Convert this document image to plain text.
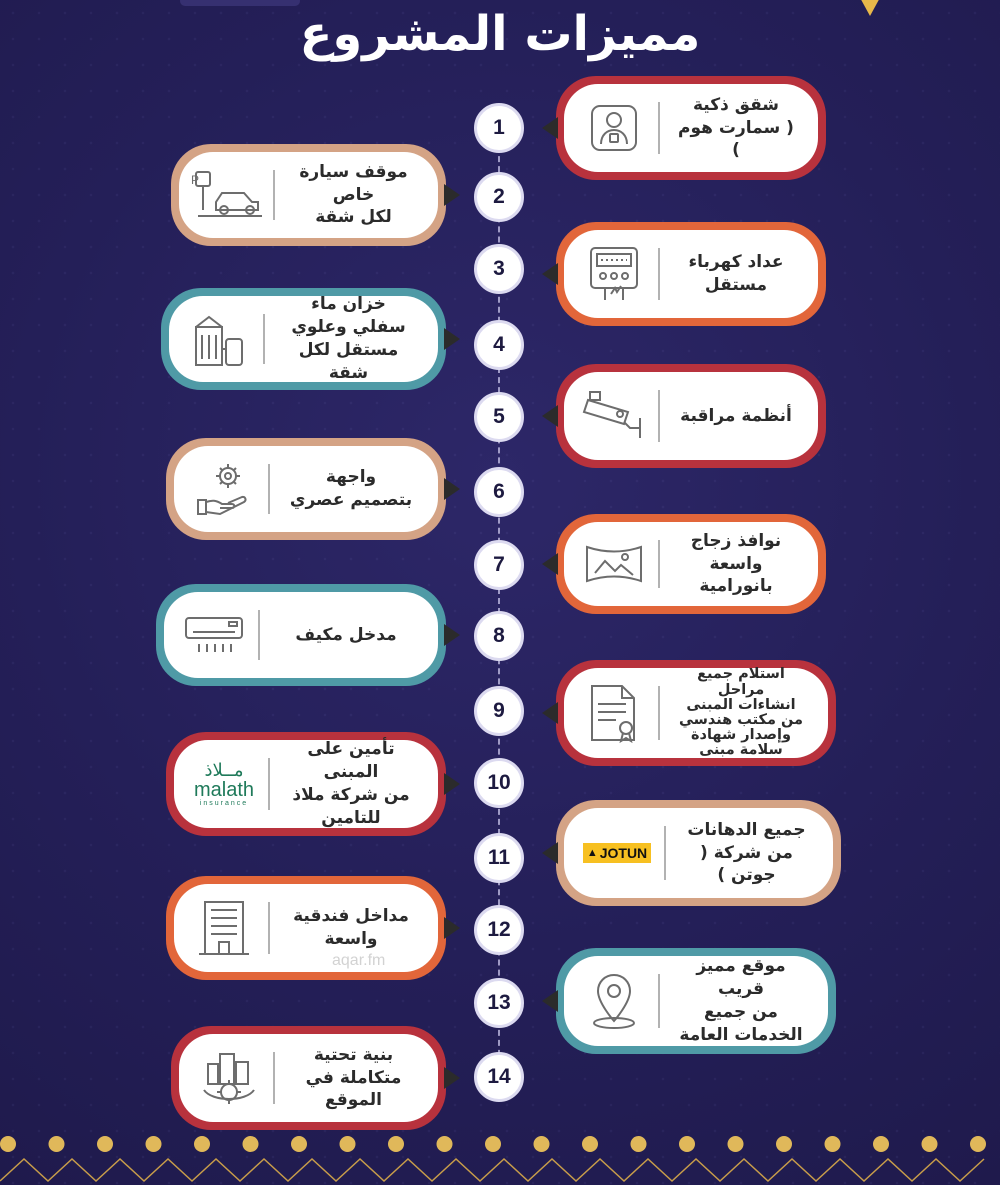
مميزات المشروع
شقق ذكية
( سمارت هوم )
1
موقف سيارة خاص
لكل شقة
P
2
عداد كهرباء
مستقل
3
خزان ماء
سفلي وعلوي
مستقل لكل شقة
4
أنظمة مراقبة
5
واجهة
بتصميم عصري	6
نوافذ زجاج
واسعة بانورامية
7
مدخل مكيف	8
استلام جميع مراحل
انشاءات المبنى
من مكتب هندسي
وإصدار شهادة
سلامة مبنى
9
تأمين على المبنى
من شركة ملاذ للتامين
مــلاذ
malath
insurance
10
جميع الدهانات
من شركة ( جوتن )
▲ JOTUN
11
مداخل فندقية واسعة	12
موقع مميز قريب
من جميع
الخدمات العامة
13
بنية تحتية
متكاملة في الموقع
14
aqar.fm
